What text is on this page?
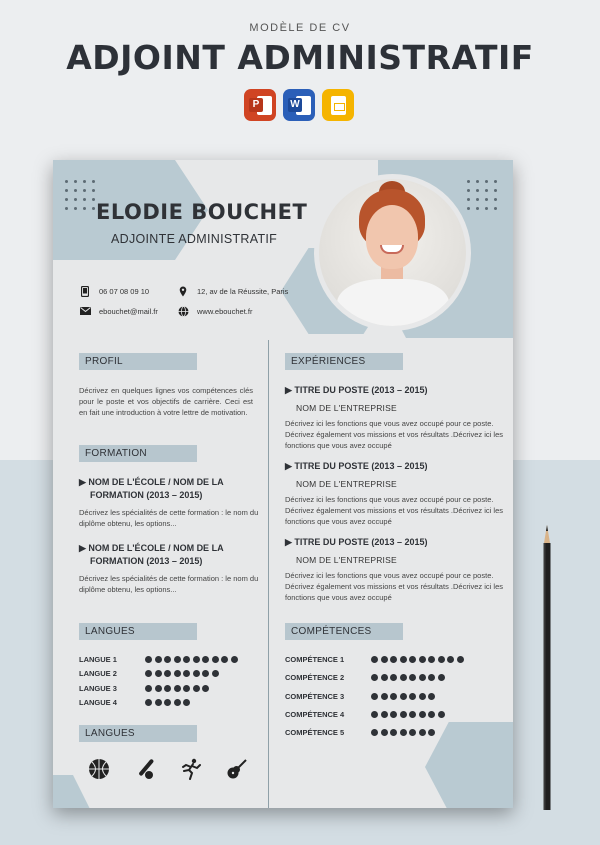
MODÈLE DE CV
ADJOINT ADMINISTRATIF
P	W
ELODIE BOUCHET
ADJOINTE ADMINISTRATIF
06 07 08 09 10	12, av de la Réussite, Paris
ebouchet@mail.fr	www.ebouchet.fr
PROFIL
Décrivez en quelques lignes vos compétences clés pour le poste et vos objectifs de carrière. Ceci est en fait une introduction à votre lettre de motivation.
FORMATION
▶ NOM DE L'ÉCOLE / NOM DE LA
FORMATION (2013 – 2015)
Décrivez les spécialités de cette formation : le nom du diplôme obtenu, les options...
▶ NOM DE L'ÉCOLE / NOM DE LA
FORMATION (2013 – 2015)
Décrivez les spécialités de cette formation : le nom du diplôme obtenu, les options...
LANGUES
LANGUE 1
LANGUE 2
LANGUE 3
LANGUE 4
LANGUES
EXPÉRIENCES
▶ TITRE DU POSTE (2013 – 2015)
NOM DE L'ENTREPRISE
Décrivez ici les fonctions que vous avez occupé pour ce poste. Décrivez également vos missions et vos résultats .Décrivez ici les fonctions que vous avez occupé
▶ TITRE DU POSTE (2013 – 2015)
NOM DE L'ENTREPRISE
Décrivez ici les fonctions que vous avez occupé pour ce poste. Décrivez également vos missions et vos résultats .Décrivez ici les fonctions que vous avez occupé
▶ TITRE DU POSTE (2013 – 2015)
NOM DE L'ENTREPRISE
Décrivez ici les fonctions que vous avez occupé pour ce poste. Décrivez également vos missions et vos résultats .Décrivez ici les fonctions que vous avez occupé
COMPÉTENCES
COMPÉTENCE 1
COMPÉTENCE 2
COMPÉTENCE 3
COMPÉTENCE 4
COMPÉTENCE 5
